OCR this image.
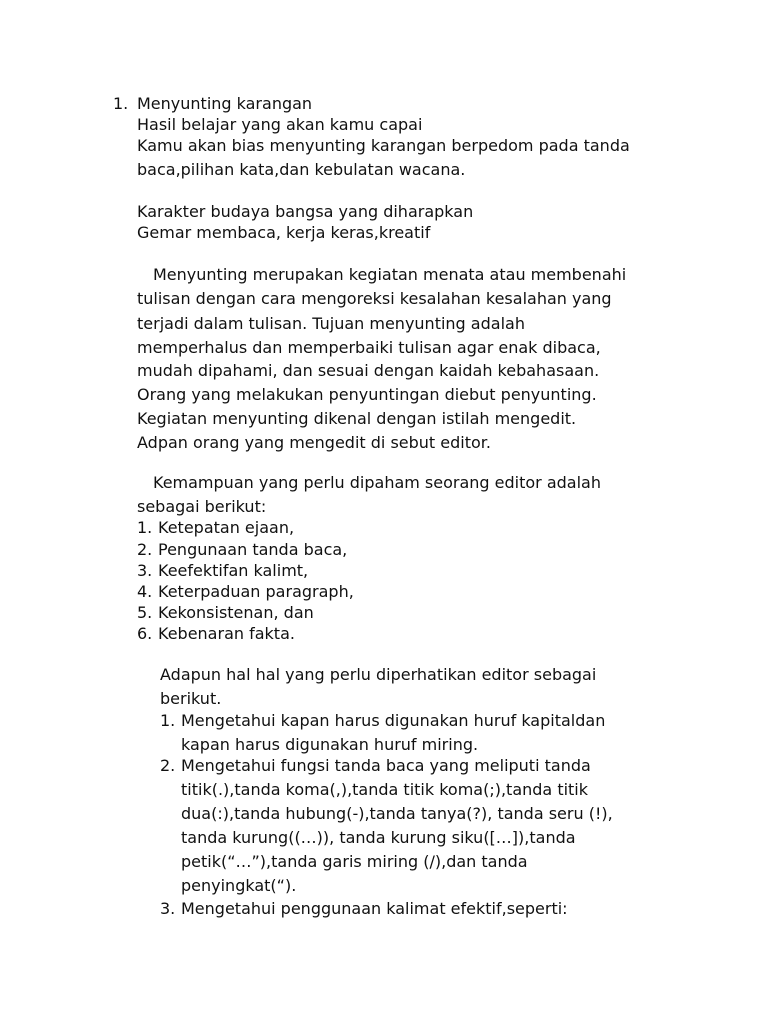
1. Menyunting karangan
Hasil belajar yang akan kamu capai
Kamu akan bias menyunting karangan berpedom pada tanda
baca,pilihan kata,dan kebulatan wacana.
Karakter budaya bangsa yang diharapkan
Gemar membaca, kerja keras,kreatif
Menyunting merupakan kegiatan menata atau membenahi
tulisan dengan cara mengoreksi kesalahan kesalahan yang
terjadi dalam tulisan. Tujuan menyunting adalah
memperhalus dan memperbaiki tulisan agar enak dibaca,
mudah dipahami, dan sesuai dengan kaidah kebahasaan.
Orang yang melakukan penyuntingan diebut penyunting.
Kegiatan menyunting dikenal dengan istilah mengedit.
Adpan orang yang mengedit di sebut editor.
Kemampuan yang perlu dipaham seorang editor adalah
sebagai berikut:
1. Ketepatan ejaan,
2. Pengunaan tanda baca,
3. Keefektifan kalimt,
4. Keterpaduan paragraph,
5. Kekonsistenan, dan
6. Kebenaran fakta.
Adapun hal hal yang perlu diperhatikan editor sebagai
berikut.
1. Mengetahui kapan harus digunakan huruf kapitaldan
kapan harus digunakan huruf miring.
2. Mengetahui fungsi tanda baca yang meliputi tanda
titik(.),tanda koma(,),tanda titik koma(;),tanda titik
dua(:),tanda hubung(-),tanda tanya(?), tanda seru (!),
tanda kurung((…)), tanda kurung siku([…]),tanda
petik(“…”),tanda garis miring (/),dan tanda
penyingkat(“).
3. Mengetahui penggunaan kalimat efektif,seperti:
